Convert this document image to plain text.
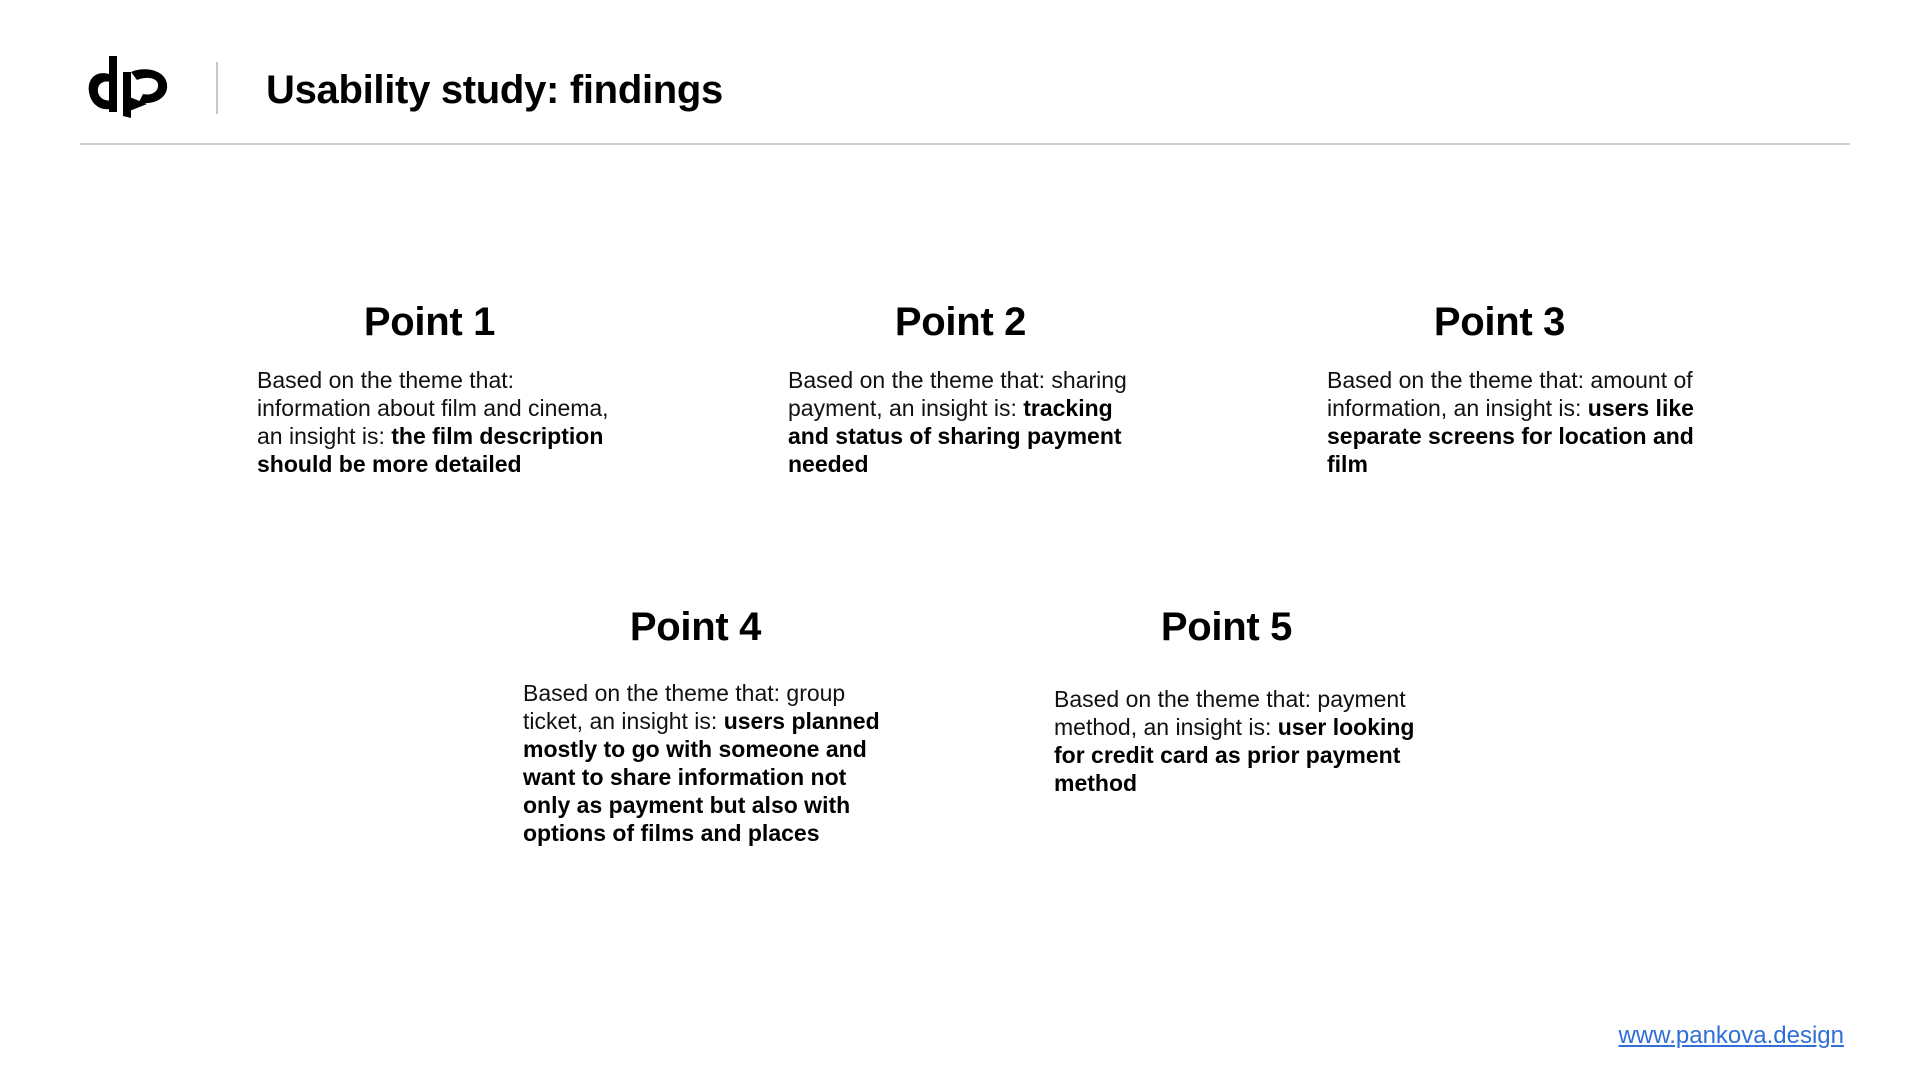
Usability study: findings
Point 1

Based on the theme that: information about film and cinema, an insight is: the film description should be more detailed

Point 2

Based on the theme that: sharing payment, an insight is: tracking and status of sharing payment needed

Point 3

Based on the theme that: amount of information, an insight is: users like separate screens for location and film

Point 4

Based on the theme that: group ticket, an insight is: users planned mostly to go with someone and want to share information not only as payment but also with options of films and places

Point 5

Based on the theme that: payment method, an insight is: user looking for credit card as prior payment method

www.pankova.design
